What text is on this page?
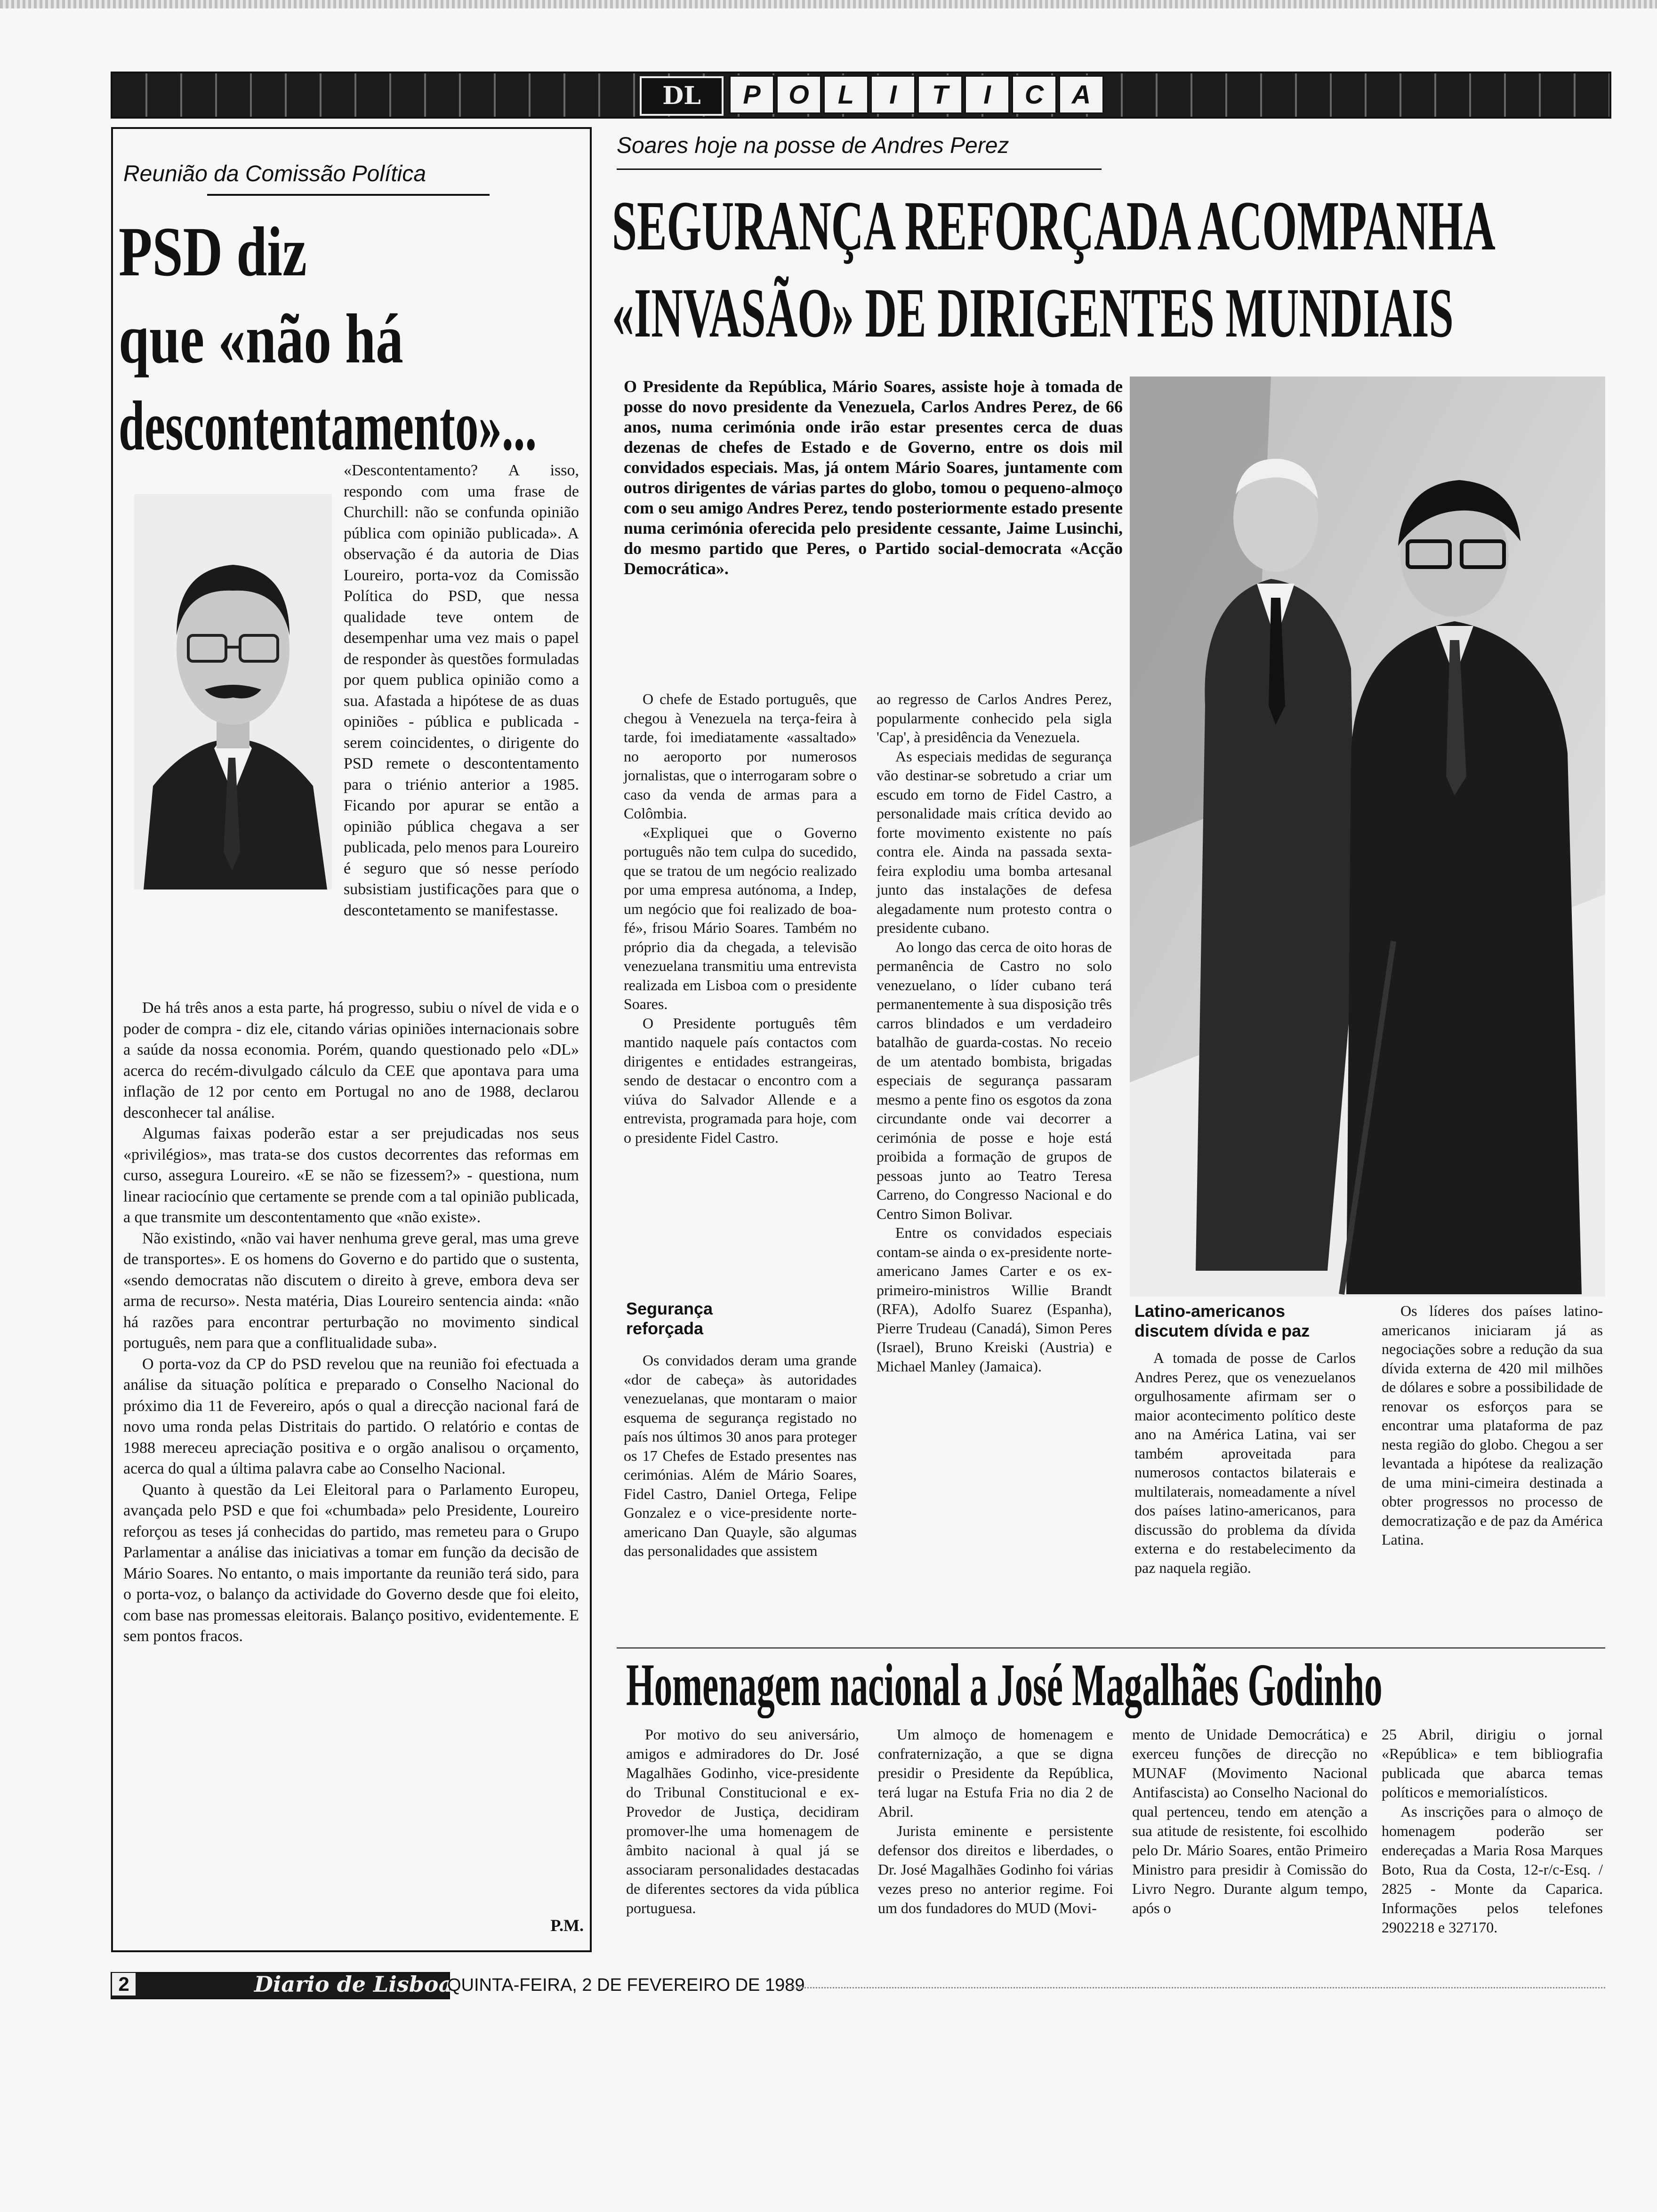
DL	P	O	L	I	T	I	C	A
Reunião da Comissão Política
PSD diz
que «não há
descontentamento»...

«Descontentamento? A isso, respondo com uma frase de Churchill: não se confunda opinião pública com opinião publicada». A observação é da autoria de Dias Loureiro, porta-voz da Comissão Política do PSD, que nessa qualidade teve ontem de desempenhar uma vez mais o papel de responder às questões formuladas por quem publica opinião como a sua. Afastada a hipótese de as duas opiniões - pública e publicada - serem coincidentes, o dirigente do PSD remete o descontentamento para o triénio anterior a 1985. Ficando por apurar se então a opinião pública chegava a ser publicada, pelo menos para Loureiro é seguro que só nesse período subsistiam justificações para que o descontetamento se manifestasse.

De há três anos a esta parte, há progresso, subiu o nível de vida e o poder de compra - diz ele, citando várias opiniões internacionais sobre a saúde da nossa economia. Porém, quando questionado pelo «DL» acerca do recém-divulgado cálculo da CEE que apontava para uma inflação de 12 por cento em Portugal no ano de 1988, declarou desconhecer tal análise.

Algumas faixas poderão estar a ser prejudicadas nos seus «privilégios», mas trata-se dos custos decorrentes das reformas em curso, assegura Loureiro. «E se não se fizessem?» - questiona, num linear raciocínio que certamente se prende com a tal opinião publicada, a que transmite um descontentamento que «não existe».

Não existindo, «não vai haver nenhuma greve geral, mas uma greve de transportes». E os homens do Governo e do partido que o sustenta, «sendo democratas não discutem o direito à greve, embora deva ser arma de recurso». Nesta matéria, Dias Loureiro sentencia ainda: «não há razões para encontrar perturbação no movimento sindical português, nem para que a conflitualidade suba».

O porta-voz da CP do PSD revelou que na reunião foi efectuada a análise da situação política e preparado o Conselho Nacional do próximo dia 11 de Fevereiro, após o qual a direcção nacional fará de novo uma ronda pelas Distritais do partido. O relatório e contas de 1988 mereceu apreciação positiva e o orgão analisou o orçamento, acerca do qual a última palavra cabe ao Conselho Nacional.

Quanto à questão da Lei Eleitoral para o Parlamento Europeu, avançada pelo PSD e que foi «chumbada» pelo Presidente, Loureiro reforçou as teses já conhecidas do partido, mas remeteu para o Grupo Parlamentar a análise das iniciativas a tomar em função da decisão de Mário Soares. No entanto, o mais importante da reunião terá sido, para o porta-voz, o balanço da actividade do Governo desde que foi eleito, com base nas promessas eleitorais. Balanço positivo, evidentemente. E sem pontos fracos.

P.M.
Soares hoje na posse de Andres Perez
SEGURANÇA REFORÇADA ACOMPANHA
«INVASÃO» DE DIRIGENTES MUNDIAIS
O Presidente da República, Mário Soares, assiste hoje à tomada de posse do novo presidente da Venezuela, Carlos Andres Perez, de 66 anos, numa cerimónia onde irão estar presentes cerca de duas dezenas de chefes de Estado e de Governo, entre os dois mil convidados especiais. Mas, já ontem Mário Soares, juntamente com outros dirigentes de várias partes do globo, tomou o pequeno-almoço com o seu amigo Andres Perez, tendo posteriormente estado presente numa cerimónia oferecida pelo presidente cessante, Jaime Lusinchi, do mesmo partido que Peres, o Partido social-democrata «Acção Democrática».

O chefe de Estado português, que chegou à Venezuela na terça-feira à tarde, foi imediatamente «assaltado» no aeroporto por numerosos jornalistas, que o interrogaram sobre o caso da venda de armas para a Colômbia.

«Expliquei que o Governo português não tem culpa do sucedido, que se tratou de um negócio realizado por uma empresa autónoma, a Indep, um negócio que foi realizado de boa-fé», frisou Mário Soares. Também no próprio dia da chegada, a televisão venezuelana transmitiu uma entrevista realizada em Lisboa com o presidente Soares.

O Presidente português têm mantido naquele país contactos com dirigentes e entidades estrangeiras, sendo de destacar o encontro com a viúva do Salvador Allende e a entrevista, programada para hoje, com o presidente Fidel Castro.

Segurança
reforçada

Os convidados deram uma grande «dor de cabeça» às autoridades venezuelanas, que montaram o maior esquema de segurança registado no país nos últimos 30 anos para proteger os 17 Chefes de Estado presentes nas cerimónias. Além de Mário Soares, Fidel Castro, Daniel Ortega, Felipe Gonzalez e o vice-presidente norte-americano Dan Quayle, são algumas das personalidades que assistem

ao regresso de Carlos Andres Perez, popularmente conhecido pela sigla 'Cap', à presidência da Venezuela.

As especiais medidas de segurança vão destinar-se sobretudo a criar um escudo em torno de Fidel Castro, a personalidade mais crítica devido ao forte movimento existente no país contra ele. Ainda na passada sexta-feira explodiu uma bomba artesanal junto das instalações de defesa alegadamente num protesto contra o presidente cubano.

Ao longo das cerca de oito horas de permanência de Castro no solo venezuelano, o líder cubano terá permanentemente à sua disposição três carros blindados e um verdadeiro batalhão de guarda-costas. No receio de um atentado bombista, brigadas especiais de segurança passaram mesmo a pente fino os esgotos da zona circundante onde vai decorrer a cerimónia de posse e hoje está proibida a formação de grupos de pessoas junto ao Teatro Teresa Carreno, do Congresso Nacional e do Centro Simon Bolivar.

Entre os convidados especiais contam-se ainda o ex-presidente norte-americano James Carter e os ex-primeiro-ministros Willie Brandt (RFA), Adolfo Suarez (Espanha), Pierre Trudeau (Canadá), Simon Peres (Israel), Bruno Kreiski (Austria) e Michael Manley (Jamaica).

Latino-americanos
discutem dívida e paz

A tomada de posse de Carlos Andres Perez, que os venezuelanos orgulhosamente afirmam ser o maior acontecimento político deste ano na América Latina, vai ser também aproveitada para numerosos contactos bilaterais e multilaterais, nomeadamente a nível dos países latino-americanos, para discussão do problema da dívida externa e do restabelecimento da paz naquela região.

Os líderes dos países latino-americanos iniciaram já as negociações sobre a redução da sua dívida externa de 420 mil milhões de dólares e sobre a possibilidade de renovar os esforços para se encontrar uma plataforma de paz nesta região do globo. Chegou a ser levantada a hipótese da realização de uma mini-cimeira destinada a obter progressos no processo de democratização e de paz da América Latina.

Homenagem nacional a José Magalhães Godinho

Por motivo do seu aniversário, amigos e admiradores do Dr. José Magalhães Godinho, vice-presidente do Tribunal Constitucional e ex-Provedor de Justiça, decidiram promover-lhe uma homenagem de âmbito nacional à qual já se associaram personalidades destacadas de diferentes sectores da vida pública portuguesa.

Um almoço de homenagem e confraternização, a que se digna presidir o Presidente da República, terá lugar na Estufa Fria no dia 2 de Abril.

Jurista eminente e persistente defensor dos direitos e liberdades, o Dr. José Magalhães Godinho foi várias vezes preso no anterior regime. Foi um dos fundadores do MUD (Movi-

mento de Unidade Democrática) e exerceu funções de direcção no MUNAF (Movimento Nacional Antifascista) ao Conselho Nacional do qual pertenceu, tendo em atenção a sua atitude de resistente, foi escolhido pelo Dr. Mário Soares, então Primeiro Ministro para presidir à Comissão do Livro Negro. Durante algum tempo, após o

25 Abril, dirigiu o jornal «República» e tem bibliografia publicada que abarca temas políticos e memorialísticos.

As inscrições para o almoço de homenagem poderão ser endereçadas a Maria Rosa Marques Boto, Rua da Costa, 12-r/c-Esq. / 2825 - Monte da Caparica. Informações pelos telefones 2902218 e 327170.

2	Diario de Lisboa
QUINTA-FEIRA, 2 DE FEVEREIRO DE 1989
